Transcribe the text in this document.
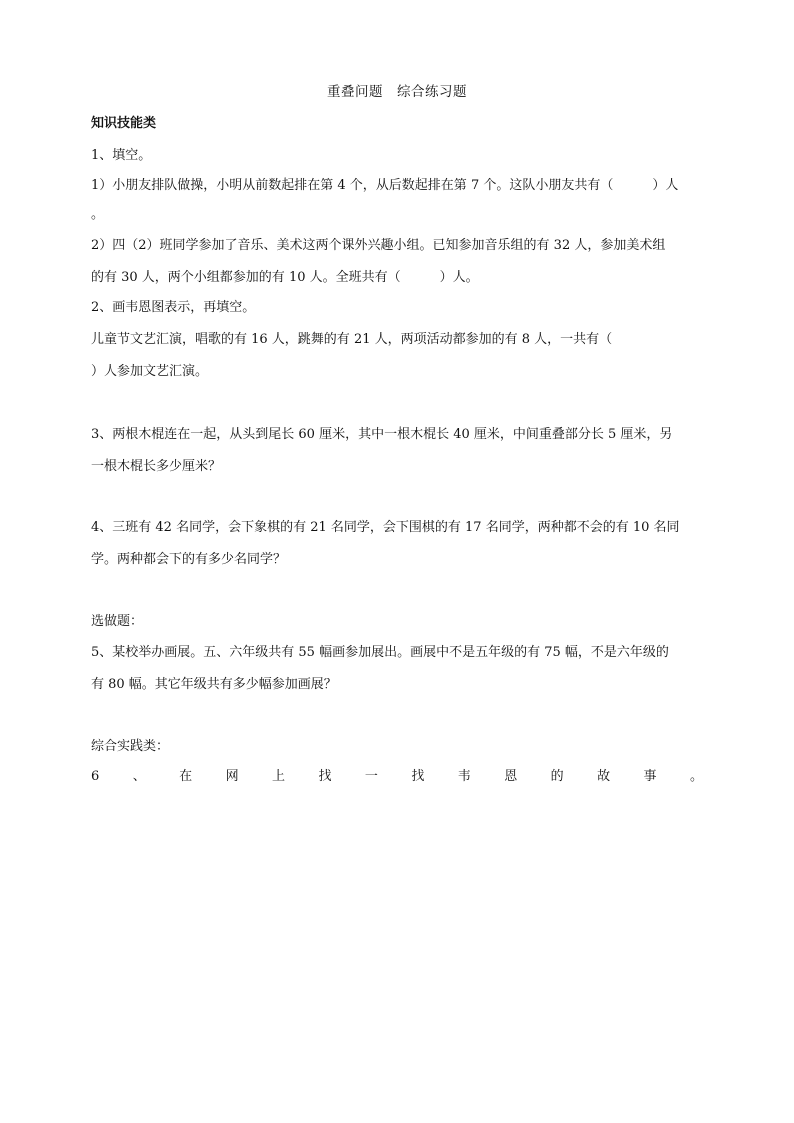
重叠问题　综合练习题
知识技能类
1、填空。
1）小朋友排队做操，小明从前数起排在第 4 个，从后数起排在第 7 个。这队小朋友共有（　　　）人
。
2）四（2）班同学参加了音乐、美术这两个课外兴趣小组。已知参加音乐组的有 32 人，参加美术组
的有 30 人，两个小组都参加的有 10 人。全班共有（　　　）人。
2、画韦恩图表示，再填空。
儿童节文艺汇演，唱歌的有 16 人，跳舞的有 21 人，两项活动都参加的有 8 人，一共有（
）人参加文艺汇演。
3、两根木棍连在一起，从头到尾长 60 厘米，其中一根木棍长 40 厘米，中间重叠部分长 5 厘米，另
一根木棍长多少厘米？
4、三班有 42 名同学，会下象棋的有 21 名同学，会下围棋的有 17 名同学，两种都不会的有 10 名同
学。两种都会下的有多少名同学？
选做题：
5、某校举办画展。五、六年级共有 55 幅画参加展出。画展中不是五年级的有 75 幅，不是六年级的
有 80 幅。其它年级共有多少幅参加画展？
综合实践类：
6	、	在	网	上	找	一	找	韦	恩	的	故	事	。
